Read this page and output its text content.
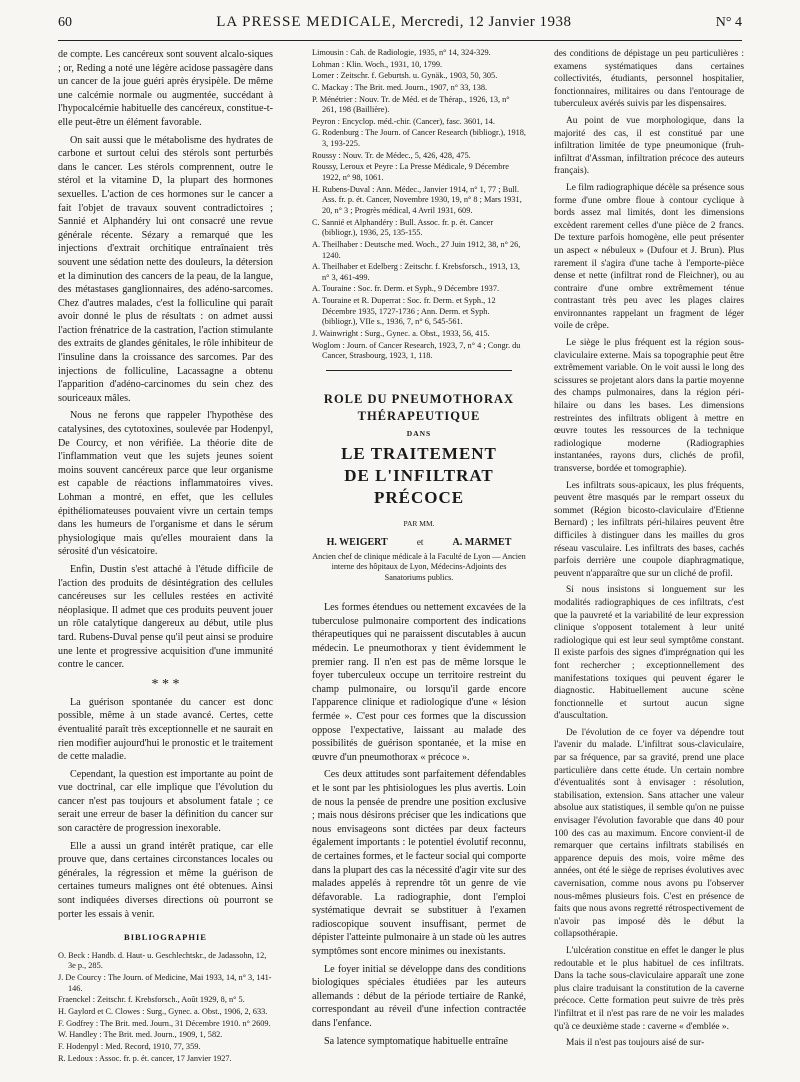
60	LA PRESSE MEDICALE, Mercredi, 12 Janvier 1938	N° 4

de compte. Les cancéreux sont souvent alcalo-siques ; or, Reding a noté une légère acidose passagère dans un cancer de la joue guéri après érysipèle. De même une calcémie normale ou augmentée, succédant à l'hypocalcémie habituelle des cancéreux, constitue-t-elle peut-être un élément favorable.

On sait aussi que le métabolisme des hydrates de carbone et surtout celui des stérols sont perturbés dans le cancer. Les stérols comprennent, outre le stérol et la vitamine D, la plupart des hormones sexuelles. L'action de ces hormones sur le cancer a fait l'objet de travaux souvent contradictoires ; Sannié et Alphandéry lui ont consacré une revue générale récente. Sézary a remarqué que les injections d'extrait orchitique entraînaient très souvent une sédation nette des douleurs, la détersion et la diminution des cancers de la peau, de la langue, des métastases ganglionnaires, des adéno-sarcomes. Chez d'autres malades, c'est la folliculine qui paraît avoir donné le plus de résultats : on admet aussi l'action frénatrice de la castration, l'action stimulante des extraits de glandes génitales, le rôle inhibiteur de l'insuline dans la croissance des sarcomes. Par des injections de folliculine, Lacassagne a obtenu l'apparition d'adéno-carcinomes du sein chez des souriceaux mâles.

Nous ne ferons que rappeler l'hypothèse des catalysines, des cytotoxines, soulevée par Hodenpyl, De Courcy, et non vérifiée. La théorie dite de l'inflammation veut que les sujets jeunes soient moins souvent cancéreux parce que leur organisme est capable de réactions inflammatoires vives. Lohman a montré, en effet, que les cellules épithéliomateuses pouvaient vivre un certain temps dans les humeurs de l'organisme et dans le sérum physiologique mais qu'elles mouraient dans la sérosité d'un vésicatoire.

Enfin, Dustin s'est attaché à l'étude difficile de l'action des produits de désintégration des cellules cancéreuses sur les cellules restées en activité néoplasique. Il admet que ces produits peuvent jouer un rôle catalytique dangereux au début, utile plus tard. Rubens-Duval pense qu'il peut ainsi se produire une lente et progressive acquisition d'une immunité contre le cancer.

* * *

La guérison spontanée du cancer est donc possible, même à un stade avancé. Certes, cette éventualité paraît très exceptionnelle et ne saurait en rien modifier aujourd'hui le pronostic et le traitement de cette maladie.

Cependant, la question est importante au point de vue doctrinal, car elle implique que l'évolution du cancer n'est pas toujours et absolument fatale ; ce serait une erreur de baser la définition du cancer sur son caractère de progression inexorable.

Elle a aussi un grand intérêt pratique, car elle prouve que, dans certaines circonstances locales ou générales, la régression et même la guérison de certaines tumeurs malignes ont été obtenues. Ainsi sont indiquées diverses directions où pourront se porter les essais à venir.

BIBLIOGRAPHIE
O. Beck : Handb. d. Haut- u. Geschlechtskr., de Jadassohn, 12, 3e p., 285.
J. De Courcy : The Journ. of Medicine, Mai 1933, 14, n° 3, 141-146.
Fraenckel : Zeitschr. f. Krebsforsch., Août 1929, 8, n° 5.
H. Gaylord et C. Clowes : Surg., Gynec. a. Obst., 1906, 2, 633.
F. Godfrey : The Brit. med. Journ., 31 Décembre 1910. n° 2609.
W. Handley : The Brit. med. Journ., 1909, 1, 582.
F. Hodenpyl : Med. Record, 1910, 77, 359.
R. Ledoux : Assoc. fr. p. ét. cancer, 17 Janvier 1927.
Limousin : Cah. de Radiologie, 1935, n° 14, 324-329.
Lohman : Klin. Woch., 1931, 10, 1799.
Lomer : Zeitschr. f. Geburtsh. u. Gynäk., 1903, 50, 305.
C. Mackay : The Brit. med. Journ., 1907, n° 33, 138.
P. Ménétrier : Nouv. Tr. de Méd. et de Thérap., 1926, 13, n° 261, 198 (Baillière).
Peyron : Encyclop. méd.-chir. (Cancer), fasc. 3601, 14.
G. Rodenburg : The Journ. of Cancer Research (bibliogr.), 1918, 3, 193-225.
Roussy : Nouv. Tr. de Médec., 5, 426, 428, 475.
Roussy, Leroux et Peyre : La Presse Médicale, 9 Décembre 1922, n° 98, 1061.
H. Rubens-Duval : Ann. Médec., Janvier 1914, n° 1, 77 ; Bull. Ass. fr. p. ét. Cancer, Novembre 1930, 19, n° 8 ; Mars 1931, 20, n° 3 ; Progrès médical, 4 Avril 1931, 609.
C. Sannié et Alphandéry : Bull. Assoc. fr. p. ét. Cancer (bibliogr.), 1936, 25, 135-155.
A. Theilhaber : Deutsche med. Woch., 27 Juin 1912, 38, n° 26, 1240.
A. Theilhaber et Edelberg : Zeitschr. f. Krebsforsch., 1913, 13, n° 3, 461-499.
A. Touraine : Soc. fr. Derm. et Syph., 9 Décembre 1937.
A. Touraine et R. Duperrat : Soc. fr. Derm. et Syph., 12 Décembre 1935, 1727-1736 ; Ann. Derm. et Syph. (bibliogr.), VIIe s., 1936, 7, n° 6, 545-561.
J. Wainwright : Surg., Gynec. a. Obst., 1933, 56, 415.
Woglom : Journ. of Cancer Research, 1923, 7, n° 4 ; Congr. du Cancer, Strasbourg, 1923, 1, 118.
ROLE DU PNEUMOTHORAX
THÉRAPEUTIQUE
DANS
LE TRAITEMENT
DE L'INFILTRAT PRÉCOCE
PAR MM.
H. WEIGERT	et	A. MARMET
Ancien chef de clinique médicale à la Faculté de Lyon — Ancien interne des hôpitaux de Lyon, Médecins-Adjoints des Sanatoriums publics.

Les formes étendues ou nettement excavées de la tuberculose pulmonaire comportent des indications thérapeutiques qui ne paraissent discutables à aucun médecin. Le pneumothorax y tient évidemment le premier rang. Il n'en est pas de même lorsque le foyer tuberculeux occupe un territoire restreint du champ pulmonaire, ou lorsqu'il garde encore l'apparence clinique et radiologique d'une « lésion fermée ». C'est pour ces formes que la discussion oppose l'expectative, laissant au malade des possibilités de guérison spontanée, et la mise en œuvre d'un pneumothorax « précoce ».

Ces deux attitudes sont parfaitement défendables et le sont par les phtisiologues les plus avertis. Loin de nous la pensée de prendre une position exclusive ; mais nous désirons préciser que les indications que nous envisageons sont dictées par deux facteurs également importants : le potentiel évolutif reconnu, de certaines formes, et le facteur social qui comporte dans la plupart des cas la nécessité d'agir vite sur des malades appelés à reprendre tôt un genre de vie défavorable. La radiographie, dont l'emploi systématique devrait se substituer à l'examen radioscopique souvent insuffisant, permet de dépister l'atteinte pulmonaire à un stade où les autres symptômes sont encore minimes ou inexistants.

Le foyer initial se développe dans des conditions biologiques spéciales étudiées par les auteurs allemands : début de la période tertiaire de Ranké, correspondant au réveil d'une infection contractée dans l'enfance.

Sa latence symptomatique habituelle entraîne

des conditions de dépistage un peu particulières : examens systématiques dans certaines collectivités, étudiants, personnel hospitalier, fonctionnaires, militaires ou dans l'entourage de tuberculeux avérés suivis par les dispensaires.

Au point de vue morphologique, dans la majorité des cas, il est constitué par une infiltration limitée de type pneumonique (fruh-infiltrat d'Assman, infiltration précoce des auteurs français).

Le film radiographique décèle sa présence sous forme d'une ombre floue à contour cyclique à bords assez mal limités, dont les dimensions excèdent rarement celles d'une pièce de 2 francs. De texture parfois homogène, elle peut présenter un aspect « nébuleux » (Dufour et J. Brun). Plus rarement il s'agira d'une tache à l'emporte-pièce dense et nette (infiltrat rond de Fleichner), ou au contraire d'une ombre extrêmement ténue contrastant très peu avec les plages claires environnantes rappelant un fragment de léger voile de crêpe.

Le siège le plus fréquent est la région sous-claviculaire externe. Mais sa topographie peut être extrêmement variable. On le voit aussi le long des scissures se projetant alors dans la partie moyenne des champs pulmonaires, dans la région péri-hilaire ou dans les bases. Les dimensions restreintes des infiltrats obligent à mettre en œuvre toutes les ressources de la technique radiologique moderne (Radiographies instantanées, rayons durs, clichés de profil, transverse, bordée et tomographie).

Les infiltrats sous-apicaux, les plus fréquents, peuvent être masqués par le rempart osseux du sommet (Région bicosto-claviculaire d'Etienne Bernard) ; les infiltrats péri-hilaires peuvent être difficiles à distinguer dans les mailles du gros réseau vasculaire. Les infiltrats des bases, cachés parfois derrière une coupole diaphragmatique, peuvent n'apparaître que sur un cliché de profil.

Si nous insistons si longuement sur les modalités radiographiques de ces infiltrats, c'est que la pauvreté et la variabilité de leur expression clinique s'opposent totalement à leur unité radiologique qui est leur seul symptôme constant. Il existe parfois des signes d'imprégnation qui les font rechercher ; exceptionnellement des manifestations toxiques qui peuvent égarer le diagnostic. Habituellement aucune scène fonctionnelle et surtout aucun signe d'auscultation.

De l'évolution de ce foyer va dépendre tout l'avenir du malade. L'infiltrat sous-claviculaire, par sa fréquence, par sa gravité, prend une place particulière dans cette étude. Un certain nombre d'éventualités sont à envisager : résolution, stabilisation, extension. Sans attacher une valeur absolue aux statistiques, il semble qu'on ne puisse envisager l'évolution favorable que dans 40 pour 100 des cas au maximum. Encore convient-il de remarquer que certains infiltrats stabilisés en apparence depuis des mois, voire même des années, ont été le siège de reprises évolutives avec cavernisation, comme nous avons pu l'observer nous-mêmes plusieurs fois. C'est en présence de faits que nous avons regretté rétrospectivement de n'avoir pas imposé dès le début la collapsothérapie.

L'ulcération constitue en effet le danger le plus redoutable et le plus habituel de ces infiltrats. Dans la tache sous-claviculaire apparaît une zone plus claire traduisant la constitution de la caverne précoce. Cette formation peut suivre de très près l'infiltrat et il n'est pas rare de ne voir les malades qu'à ce deuxième stade : caverne « d'emblée ».

Mais il n'est pas toujours aisé de sur-
